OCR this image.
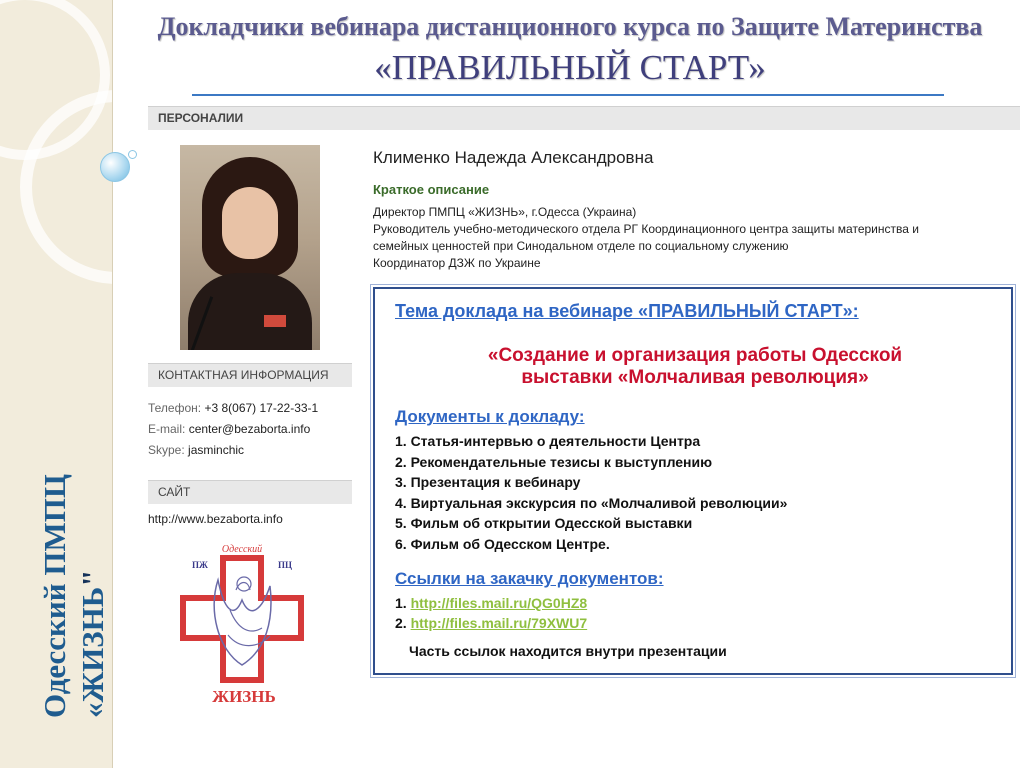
Одесский ПМПЦ «ЖИЗНЬ"
Докладчики вебинара дистанционного курса по Защите Материнства
«ПРАВИЛЬНЫЙ СТАРТ»
ПЕРСОНАЛИИ
Клименко Надежда Александровна
Краткое описание
Директор ПМПЦ «ЖИЗНЬ», г.Одесса (Украина)
Руководитель учебно-методического отдела РГ Координационного центра защиты материнства и
семейных ценностей при Синодальном отделе по социальному служению
Координатор ДЗЖ по Украине
КОНТАКТНАЯ ИНФОРМАЦИЯ
Телефон: +3 8(067) 17-22-33-1
E-mail: center@bezaborta.info
Skype: jasminchic
САЙТ
http://www.bezaborta.info
Одесский
ПЖ	ПЦ
ЖИЗНЬ
Тема доклада на вебинаре «ПРАВИЛЬНЫЙ СТАРТ»:
«Создание и организация работы Одесской
выставки «Молчаливая революция»
Документы к докладу:
1. Статья-интервью о деятельности Центра
2. Рекомендательные тезисы к выступлению
3. Презентация к вебинару
4. Виртуальная экскурсия по «Молчаливой революции»
5. Фильм об открытии Одесской выставки
6. Фильм об Одесском Центре.
Ссылки на закачку документов:
1. http://files.mail.ru/QG0HZ8
2. http://files.mail.ru/79XWU7
Часть ссылок находится внутри презентации
